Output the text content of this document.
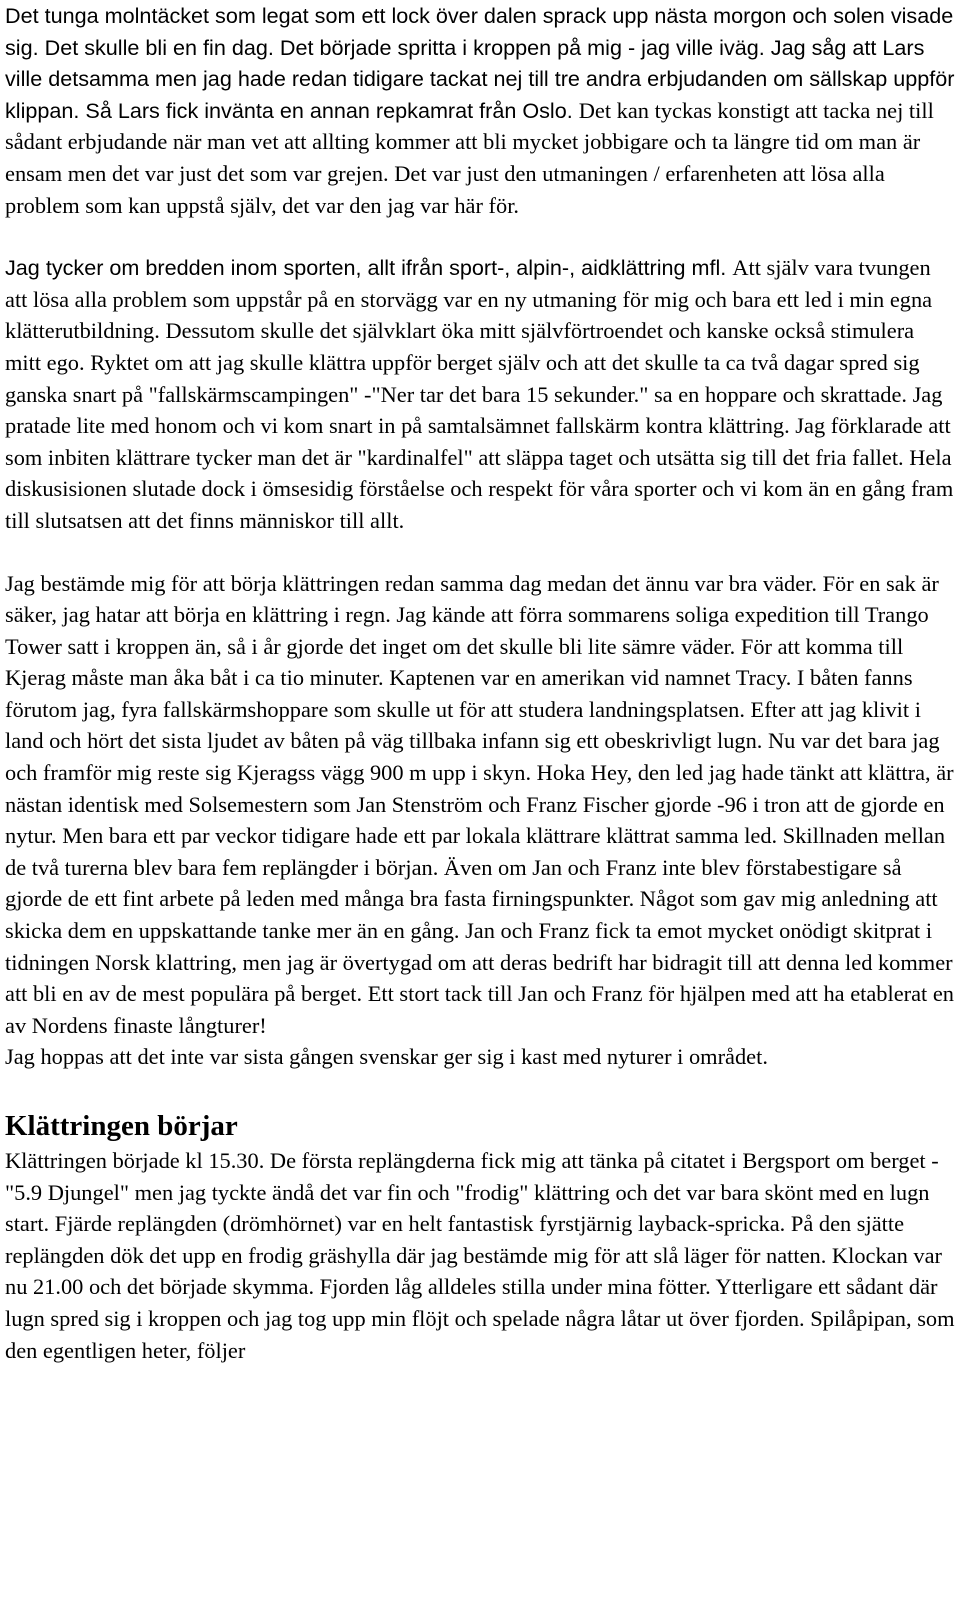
Det tunga molntäcket som legat som ett lock över dalen sprack upp nästa morgon och solen visade sig. Det skulle bli en fin dag. Det började spritta i kroppen på mig - jag ville iväg. Jag såg att Lars ville detsamma men jag hade redan tidigare tackat nej till tre andra erbjudanden om sällskap uppför klippan. Så Lars fick invänta en annan repkamrat från Oslo. Det kan tyckas konstigt att tacka nej till sådant erbjudande när man vet att allting kommer att bli mycket jobbigare och ta längre tid om man är ensam men det var just det som var grejen. Det var just den utmaningen / erfarenheten att lösa alla problem som kan uppstå själv, det var den jag var här för.

Jag tycker om bredden inom sporten, allt ifrån sport-, alpin-, aidklättring mfl. Att själv vara tvungen att lösa alla problem som uppstår på en storvägg var en ny utmaning för mig och bara ett led i min egna klätterutbildning. Dessutom skulle det självklart öka mitt självförtroendet och kanske också stimulera mitt ego. Ryktet om att jag skulle klättra uppför berget själv och att det skulle ta ca två dagar spred sig ganska snart på "fallskärmscampingen" -"Ner tar det bara 15 sekunder." sa en hoppare och skrattade. Jag pratade lite med honom och vi kom snart in på samtalsämnet fallskärm kontra klättring. Jag förklarade att som inbiten klättrare tycker man det är "kardinalfel" att släppa taget och utsätta sig till det fria fallet. Hela diskusisionen slutade dock i ömsesidig förståelse och respekt för våra sporter och vi kom än en gång fram till slutsatsen att det finns människor till allt.

Jag bestämde mig för att börja klättringen redan samma dag medan det ännu var bra väder. För en sak är säker, jag hatar att börja en klättring i regn. Jag kände att förra sommarens soliga expedition till Trango Tower satt i kroppen än, så i år gjorde det inget om det skulle bli lite sämre väder. För att komma till Kjerag måste man åka båt i ca tio minuter. Kaptenen var en amerikan vid namnet Tracy. I båten fanns förutom jag, fyra fallskärmshoppare som skulle ut för att studera landningsplatsen. Efter att jag klivit i land och hört det sista ljudet av båten på väg tillbaka infann sig ett obeskrivligt lugn. Nu var det bara jag och framför mig reste sig Kjeragss vägg 900 m upp i skyn. Hoka Hey, den led jag hade tänkt att klättra, är nästan identisk med Solsemestern som Jan Stenström och Franz Fischer gjorde -96 i tron att de gjorde en nytur. Men bara ett par veckor tidigare hade ett par lokala klättrare klättrat samma led. Skillnaden mellan de två turerna blev bara fem replängder i början. Även om Jan och Franz inte blev förstabestigare så gjorde de ett fint arbete på leden med många bra fasta firningspunkter. Något som gav mig anledning att skicka dem en uppskattande tanke mer än en gång. Jan och Franz fick ta emot mycket onödigt skitprat i tidningen Norsk klattring, men jag är övertygad om att deras bedrift har bidragit till att denna led kommer att bli en av de mest populära på berget. Ett stort tack till Jan och Franz för hjälpen med att ha etablerat en av Nordens finaste långturer!

Jag hoppas att det inte var sista gången svenskar ger sig i kast med nyturer i området.

Klättringen börjar

Klättringen började kl 15.30. De första replängderna fick mig att tänka på citatet i Bergsport om berget -"5.9 Djungel" men jag tyckte ändå det var fin och "frodig" klättring och det var bara skönt med en lugn start. Fjärde replängden (drömhörnet) var en helt fantastisk fyrstjärnig layback-spricka. På den sjätte replängden dök det upp en frodig gräshylla där jag bestämde mig för att slå läger för natten. Klockan var nu 21.00 och det började skymma. Fjorden låg alldeles stilla under mina fötter. Ytterligare ett sådant där lugn spred sig i kroppen och jag tog upp min flöjt och spelade några låtar ut över fjorden. Spilåpipan, som den egentligen heter, följer
